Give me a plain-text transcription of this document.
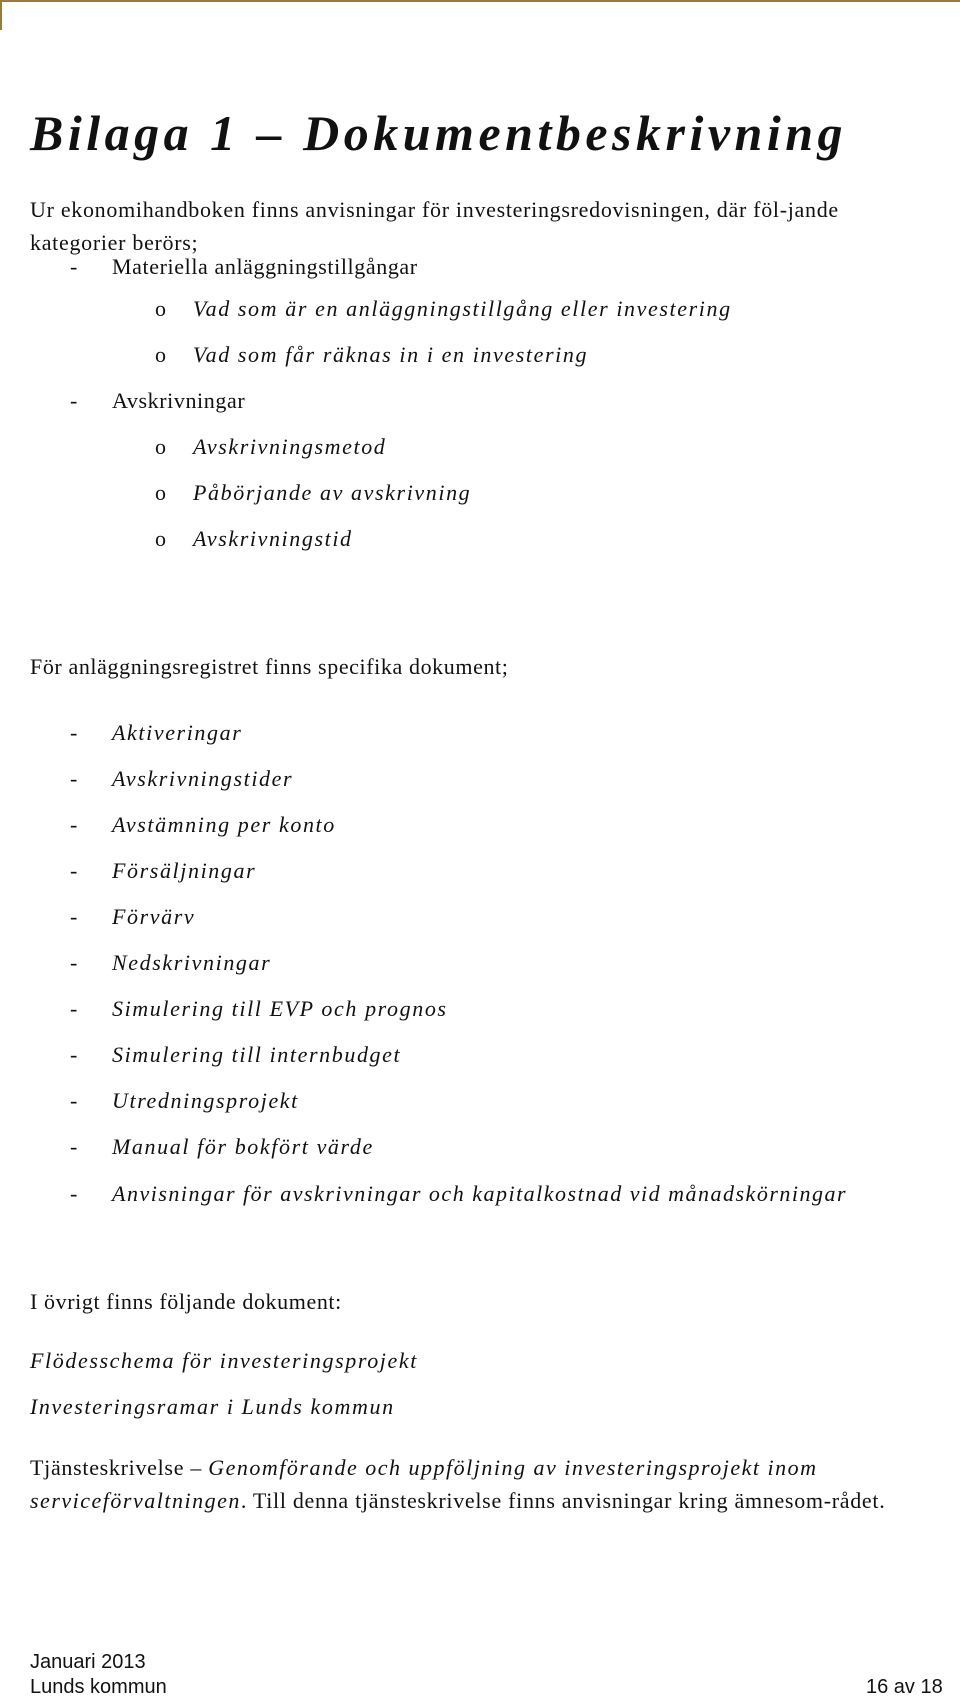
Bilaga 1 – Dokumentbeskrivning

Ur ekonomihandboken finns anvisningar för investeringsredovisningen, där föl-jande kategorier berörs;

- Materiella anläggningstillgångar
o Vad som är en anläggningstillgång eller investering
o Vad som får räknas in i en investering
- Avskrivningar
o Avskrivningsmetod
o Påbörjande av avskrivning
o Avskrivningstid
För anläggningsregistret finns specifika dokument;
- Aktiveringar
- Avskrivningstider
- Avstämning per konto
- Försäljningar
- Förvärv
- Nedskrivningar
- Simulering till EVP och prognos
- Simulering till internbudget
- Utredningsprojekt
- Manual för bokfört värde
- Anvisningar för avskrivningar och kapitalkostnad vid månadskörningar
I övrigt finns följande dokument:
Flödesschema för investeringsprojekt
Investeringsramar i Lunds kommun

Tjänsteskrivelse – Genomförande och uppföljning av investeringsprojekt inom serviceförvaltningen. Till denna tjänsteskrivelse finns anvisningar kring ämnesom-rådet.

Januari 2013
Lunds kommun	16 av 18
